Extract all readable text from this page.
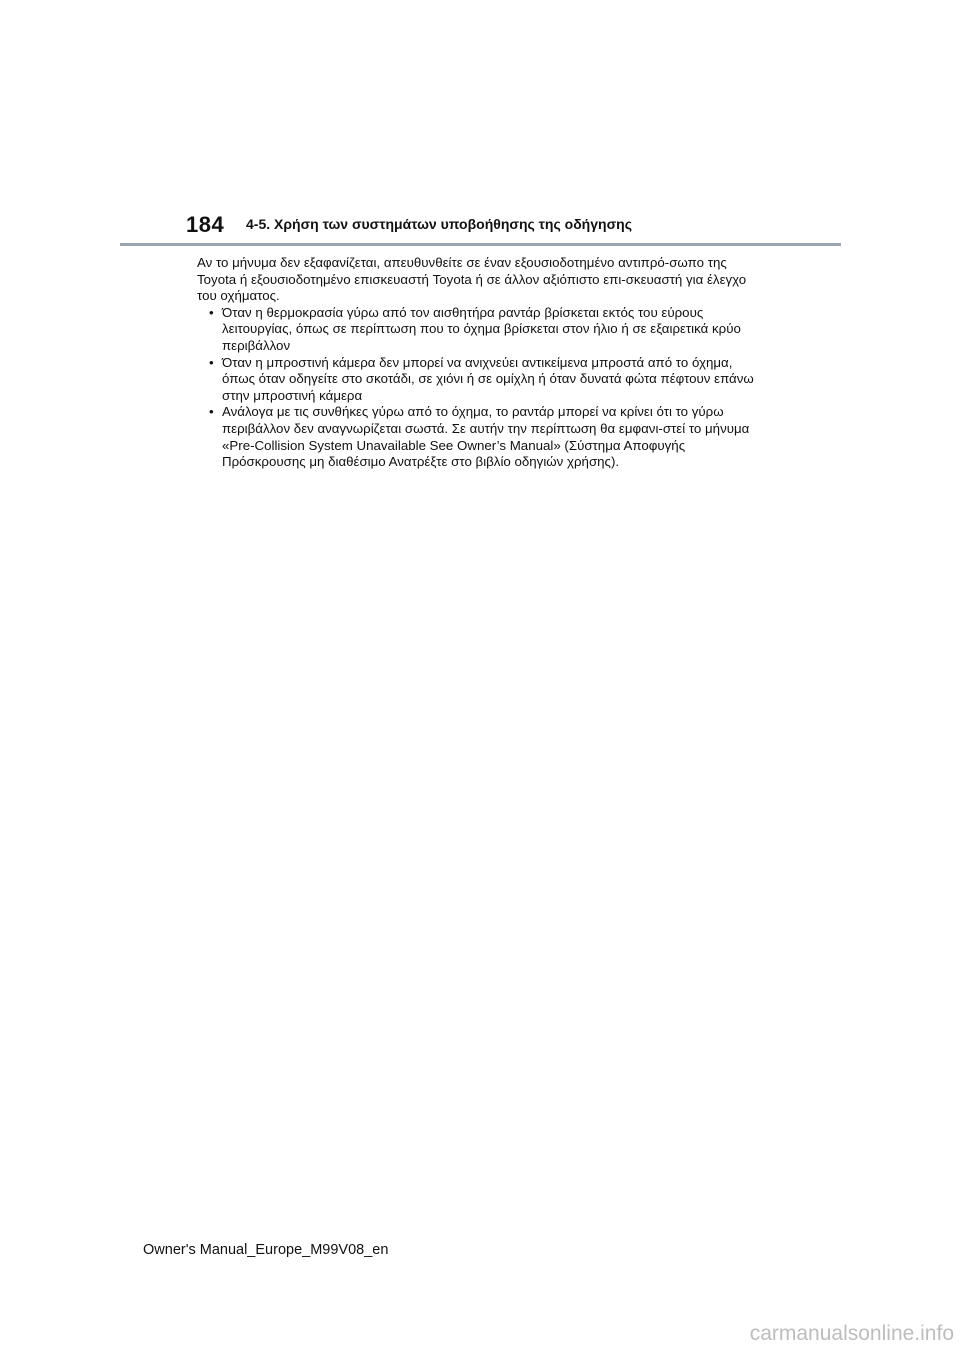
184 4-5. Χρήση των συστημάτων υποβοήθησης της οδήγησης

Αν το μήνυμα δεν εξαφανίζεται, απευθυνθείτε σε έναν εξουσιοδοτημένο αντιπρό-σωπο της Toyota ή εξουσιοδοτημένο επισκευαστή Toyota ή σε άλλον αξιόπιστο επι-σκευαστή για έλεγχο του οχήματος.

• Όταν η θερμοκρασία γύρω από τον αισθητήρα ραντάρ βρίσκεται εκτός του εύρους λειτουργίας, όπως σε περίπτωση που το όχημα βρίσκεται στον ήλιο ή σε εξαιρετικά κρύο περιβάλλον
• Όταν η μπροστινή κάμερα δεν μπορεί να ανιχνεύει αντικείμενα μπροστά από το όχημα, όπως όταν οδηγείτε στο σκοτάδι, σε χιόνι ή σε ομίχλη ή όταν δυνατά φώτα πέφτουν επάνω στην μπροστινή κάμερα
• Ανάλογα με τις συνθήκες γύρω από το όχημα, το ραντάρ μπορεί να κρίνει ότι το γύρω περιβάλλον δεν αναγνωρίζεται σωστά. Σε αυτήν την περίπτωση θα εμφανι-στεί το μήνυμα «Pre-Collision System Unavailable See Owner’s Manual» (Σύστημα Αποφυγής Πρόσκρουσης μη διαθέσιμο Ανατρέξτε στο βιβλίο οδηγιών χρήσης).
Owner's Manual_Europe_M99V08_en
carmanualsonline.info
